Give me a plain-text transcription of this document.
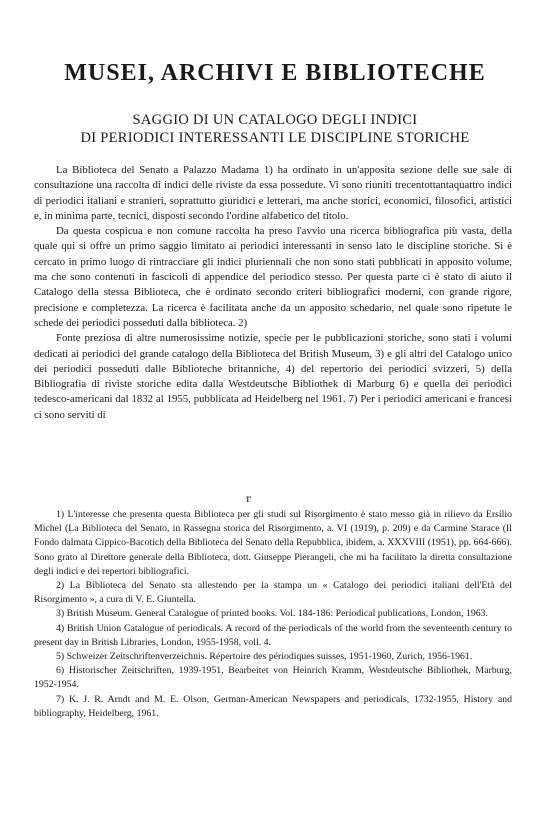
MUSEI, ARCHIVI E BIBLIOTECHE
SAGGIO DI UN CATALOGO DEGLI INDICI
DI PERIODICI INTERESSANTI LE DISCIPLINE STORICHE

La Biblioteca del Senato a Palazzo Madama 1) ha ordinato in un'apposita sezione delle sue sale di consultazione una raccolta di indici delle riviste da essa possedute. Vi sono riuniti trecentottantaquattro indici di periodici italiani e stranieri, soprattutto giuridici e letterari, ma anche storici, economici, filosofici, artistici e, in minima parte, tecnici, disposti secondo l'ordine alfabetico del titolo.

Da questa cospicua e non comune raccolta ha preso l'avvio una ricerca bibliografica più vasta, della quale qui si offre un primo saggio limitato ai periodici interessanti in senso lato le discipline storiche. Si è cercato in primo luogo di rintracciare gli indici pluriennali che non sono stati pubblicati in apposito volume, ma che sono contenuti in fascicoli di appendice del periodico stesso. Per questa parte ci è stato di aiuto il Catalogo della stessa Biblioteca, che è ordinato secondo criteri bibliografici moderni, con grande rigore, precisione e completezza. La ricerca è facilitata anche da un apposito schedario, nel quale sono ripetute le schede dei periodici posseduti dalla biblioteca. 2)

Fonte preziosa di altre numerosissime notizie, specie per le pubblicazioni storiche, sono stati i volumi dedicati ai periodici del grande catalogo della Biblioteca del British Museum, 3) e gli altri del Catalogo unico dei periodici posseduti dalle Biblioteche britanniche, 4) del repertorio dei periodici svizzeri, 5) della Bibliografia di riviste storiche edita dalla Westdeutsche Bibliothek di Marburg 6) e quella dei periodici tedesco-americani dal 1832 al 1955, pubblicata ad Heidelberg nel 1961. 7) Per i periodici americani e francesi ci sono serviti di

r

1) L'interesse che presenta questa Biblioteca per gli studi sul Risorgimento è stato messo già in rilievo da Ersilio Michel (La Biblioteca del Senato, in Rassegna storica del Risorgimento, a. VI (1919), p. 209) e da Carmine Starace (Il Fondo dalmata Cippico-Bacotich della Biblioteca del Senato della Repubblica, ibidem, a. XXXVIII (1951), pp. 664-666). Sono grato al Direttore generale della Biblioteca, dott. Giuseppe Pierangeli, che mi ha facilitato la diretta consultazione degli indici e dei repertori bibliografici.

2) La Biblioteca del Senato sta allestendo per la stampa un « Catalogo dei periodici italiani dell'Età del Risorgimento », a cura di V. E. Giuntella.

3) British Museum. General Catalogue of printed books. Vol. 184-186: Periodical publications, London, 1963.

4) British Union Catalogue of periodicals. A record of the periodicals of the world from the seventeenth century to present day in British Libraries, London, 1955-1958, voll. 4.

5) Schweizer Zeitschriftenverzeichnis. Répertoire des périodiques suisses, 1951-1960, Zurich, 1956-1961.

6) Historischer Zeitschriften, 1939-1951, Bearbeitet von Heinrich Kramm, Westdeutsche Bibliothek, Marburg, 1952-1954.

7) K. J. R. Arndt and M. E. Olson, German-American Newspapers and periodicals, 1732-1955, History and bibliography, Heidelberg, 1961.
